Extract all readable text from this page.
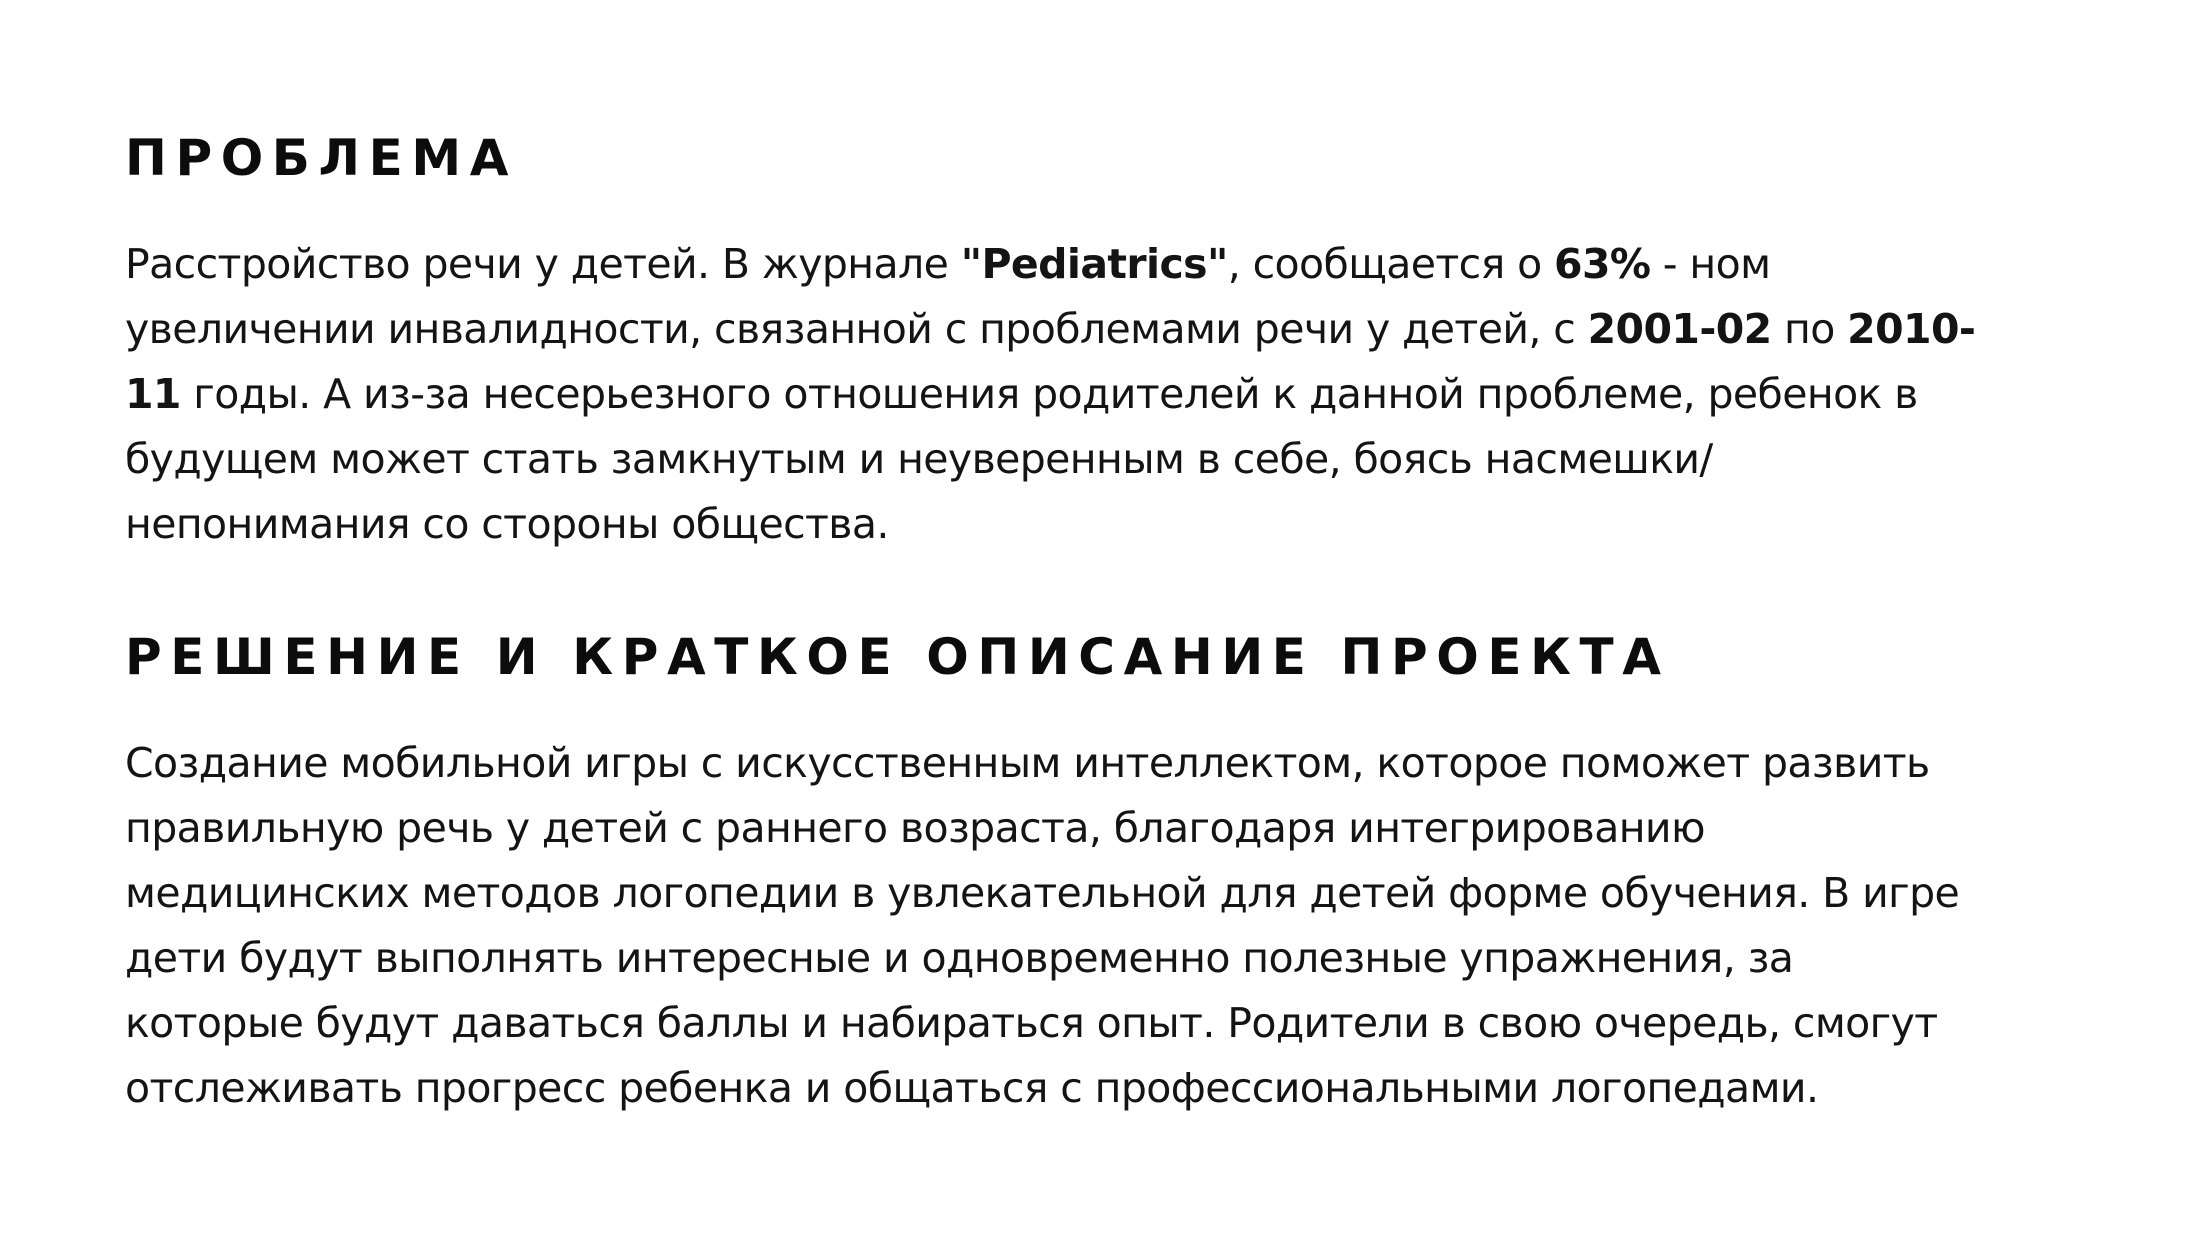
ПРОБЛЕМА
Расстройство речи у детей. В журнале "Pediatrics", сообщается о 63% - ном
увеличении инвалидности, связанной с проблемами речи у детей, с 2001-02 по 2010-
11 годы. А из-за несерьезного отношения родителей к данной проблеме, ребенок в
будущем может стать замкнутым и неуверенным в себе, боясь насмешки/
непонимания со стороны общества.
РЕШЕНИЕ И КРАТКОЕ ОПИСАНИЕ ПРОЕКТА
Создание мобильной игры с искусственным интеллектом, которое поможет развить
правильную речь у детей с раннего возраста, благодаря интегрированию
медицинских методов логопедии в увлекательной для детей форме обучения. В игре
дети будут выполнять интересные и одновременно полезные упражнения, за
которые будут даваться баллы и набираться опыт. Родители в свою очередь, смогут
отслеживать прогресс ребенка и общаться с профессиональными логопедами.
